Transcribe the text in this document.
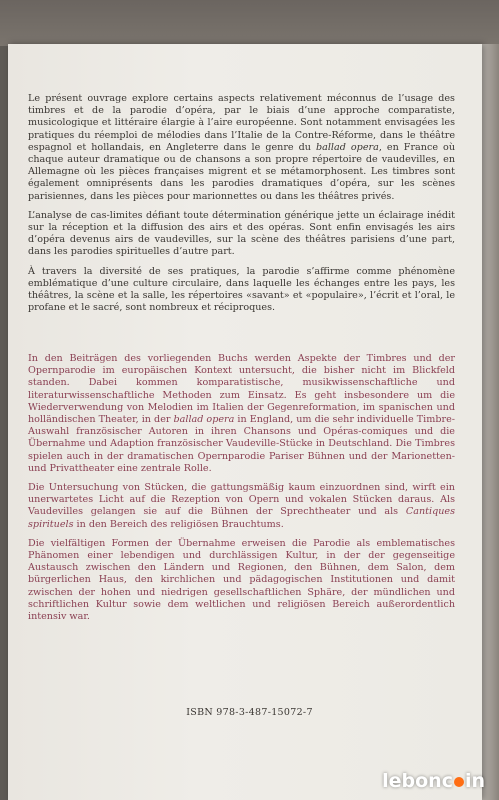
Le présent ouvrage explore certains aspects relativement méconnus de l’usage des timbres et de la parodie d’opéra, par le biais d’une approche comparatiste, musicologique et littéraire élargie à l’aire européenne. Sont notamment envisagées les pratiques du réemploi de mélodies dans l’Italie de la Contre-Réforme, dans le théâtre espagnol et hollandais, en Angleterre dans le genre du ballad opera, en France où chaque auteur dramatique ou de chansons a son propre répertoire de vaudevilles, en Allemagne où les pièces françaises migrent et se métamorphosent. Les timbres sont également omniprésents dans les parodies dramatiques d’opéra, sur les scènes parisiennes, dans les pièces pour marionnettes ou dans les théâtres privés.

L’analyse de cas-limites défiant toute détermination générique jette un éclairage inédit sur la réception et la diffusion des airs et des opéras. Sont enfin envisagés les airs d’opéra devenus airs de vaudevilles, sur la scène des théâtres parisiens d’une part, dans les parodies spirituelles d’autre part.

À travers la diversité de ses pratiques, la parodie s’affirme comme phénomène emblématique d’une culture circulaire, dans laquelle les échanges entre les pays, les théâtres, la scène et la salle, les répertoires «savant» et «populaire», l’écrit et l’oral, le profane et le sacré, sont nombreux et réciproques.

In den Beiträgen des vorliegenden Buchs werden Aspekte der Timbres und der Opernparodie im europäischen Kontext untersucht, die bisher nicht im Blickfeld standen. Dabei kommen komparatistische, musikwissenschaftliche und literaturwissenschaftliche Methoden zum Einsatz. Es geht insbesondere um die Wiederverwendung von Melodien im Italien der Gegenreformation, im spanischen und holländischen Theater, in der ballad opera in England, um die sehr individuelle Timbre-Auswahl französischer Autoren in ihren Chansons und Opéras-comiques und die Übernahme und Adaption französischer Vaudeville-Stücke in Deutschland. Die Timbres spielen auch in der dramatischen Opernparodie Pariser Bühnen und der Marionetten- und Privattheater eine zentrale Rolle.

Die Untersuchung von Stücken, die gattungsmäßig kaum einzuordnen sind, wirft ein unerwartetes Licht auf die Rezeption von Opern und vokalen Stücken daraus. Als Vaudevilles gelangen sie auf die Bühnen der Sprechtheater und als Cantiques spirituels in den Bereich des religiösen Brauchtums.

Die vielfältigen Formen der Übernahme erweisen die Parodie als emblematisches Phänomen einer lebendigen und durchlässigen Kultur, in der der gegenseitige Austausch zwischen den Ländern und Regionen, den Bühnen, dem Salon, dem bürgerlichen Haus, den kirchlichen und pädagogischen Institutionen und damit zwischen der hohen und niedrigen gesellschaftlichen Sphäre, der mündlichen und schriftlichen Kultur sowie dem weltlichen und religiösen Bereich außerordentlich intensiv war.

ISBN 978-3-487-15072-7
lebonc in
